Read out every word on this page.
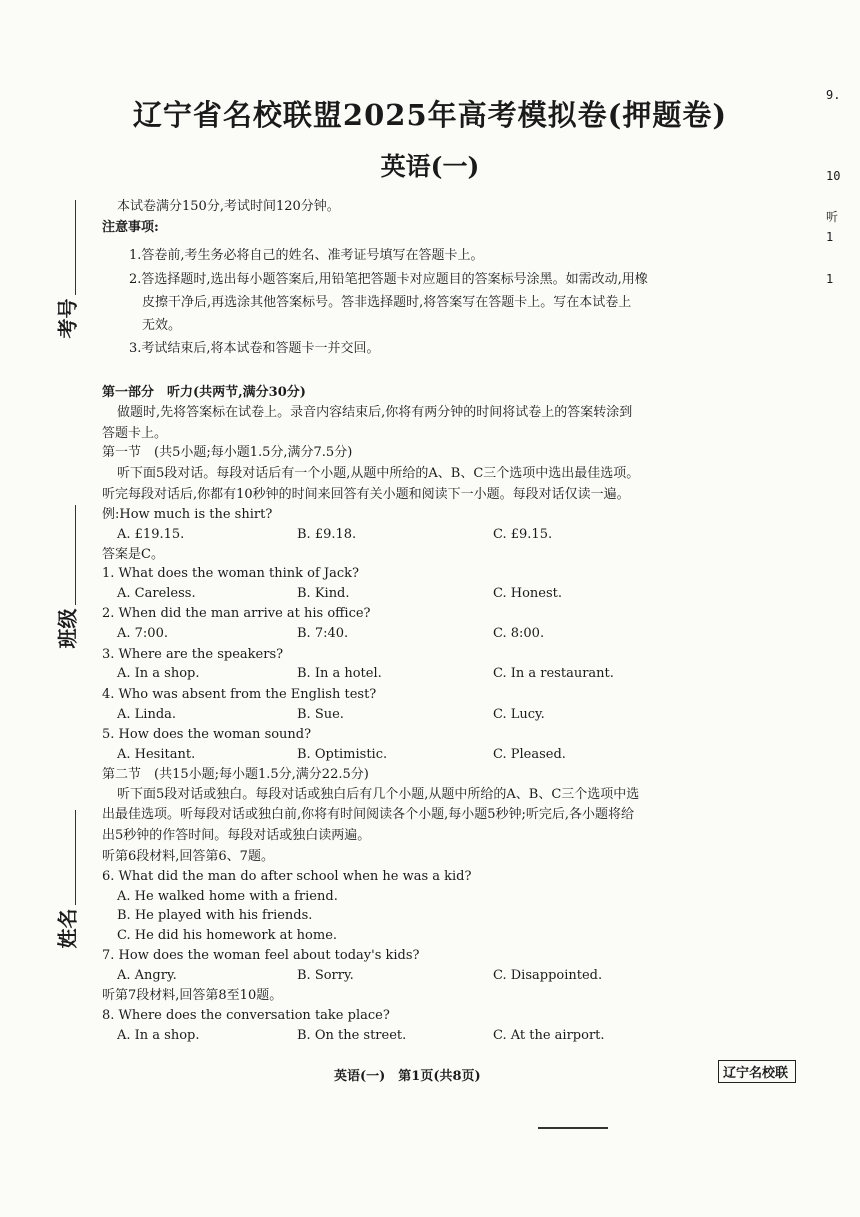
辽宁省名校联盟2025年高考模拟卷(押题卷)
英语(一)
考号
班级
姓名
9.
10
听
1
1
本试卷满分150分,考试时间120分钟。
注意事项:
1.答卷前,考生务必将自己的姓名、准考证号填写在答题卡上。
2.答选择题时,选出每小题答案后,用铅笔把答题卡对应题目的答案标号涂黑。如需改动,用橡
皮擦干净后,再选涂其他答案标号。答非选择题时,将答案写在答题卡上。写在本试卷上
无效。
3.考试结束后,将本试卷和答题卡一并交回。
第一部分　听力(共两节,满分30分)
做题时,先将答案标在试卷上。录音内容结束后,你将有两分钟的时间将试卷上的答案转涂到
答题卡上。
第一节　(共5小题;每小题1.5分,满分7.5分)
听下面5段对话。每段对话后有一个小题,从题中所给的A、B、C三个选项中选出最佳选项。
听完每段对话后,你都有10秒钟的时间来回答有关小题和阅读下一小题。每段对话仅读一遍。
例:How much is the shirt?
A. £19.15.	B. £9.18.	C. £9.15.
答案是C。
1. What does the woman think of Jack?
A. Careless.	B. Kind.	C. Honest.
2. When did the man arrive at his office?
A. 7:00.	B. 7:40.	C. 8:00.
3. Where are the speakers?
A. In a shop.	B. In a hotel.	C. In a restaurant.
4. Who was absent from the English test?
A. Linda.	B. Sue.	C. Lucy.
5. How does the woman sound?
A. Hesitant.	B. Optimistic.	C. Pleased.
第二节　(共15小题;每小题1.5分,满分22.5分)
听下面5段对话或独白。每段对话或独白后有几个小题,从题中所给的A、B、C三个选项中选
出最佳选项。听每段对话或独白前,你将有时间阅读各个小题,每小题5秒钟;听完后,各小题将给
出5秒钟的作答时间。每段对话或独白读两遍。
听第6段材料,回答第6、7题。
6. What did the man do after school when he was a kid?
A. He walked home with a friend.
B. He played with his friends.
C. He did his homework at home.
7. How does the woman feel about today's kids?
A. Angry.	B. Sorry.	C. Disappointed.
听第7段材料,回答第8至10题。
8. Where does the conversation take place?
A. In a shop.	B. On the street.	C. At the airport.
英语(一)　第1页(共8页)	辽宁名校联
